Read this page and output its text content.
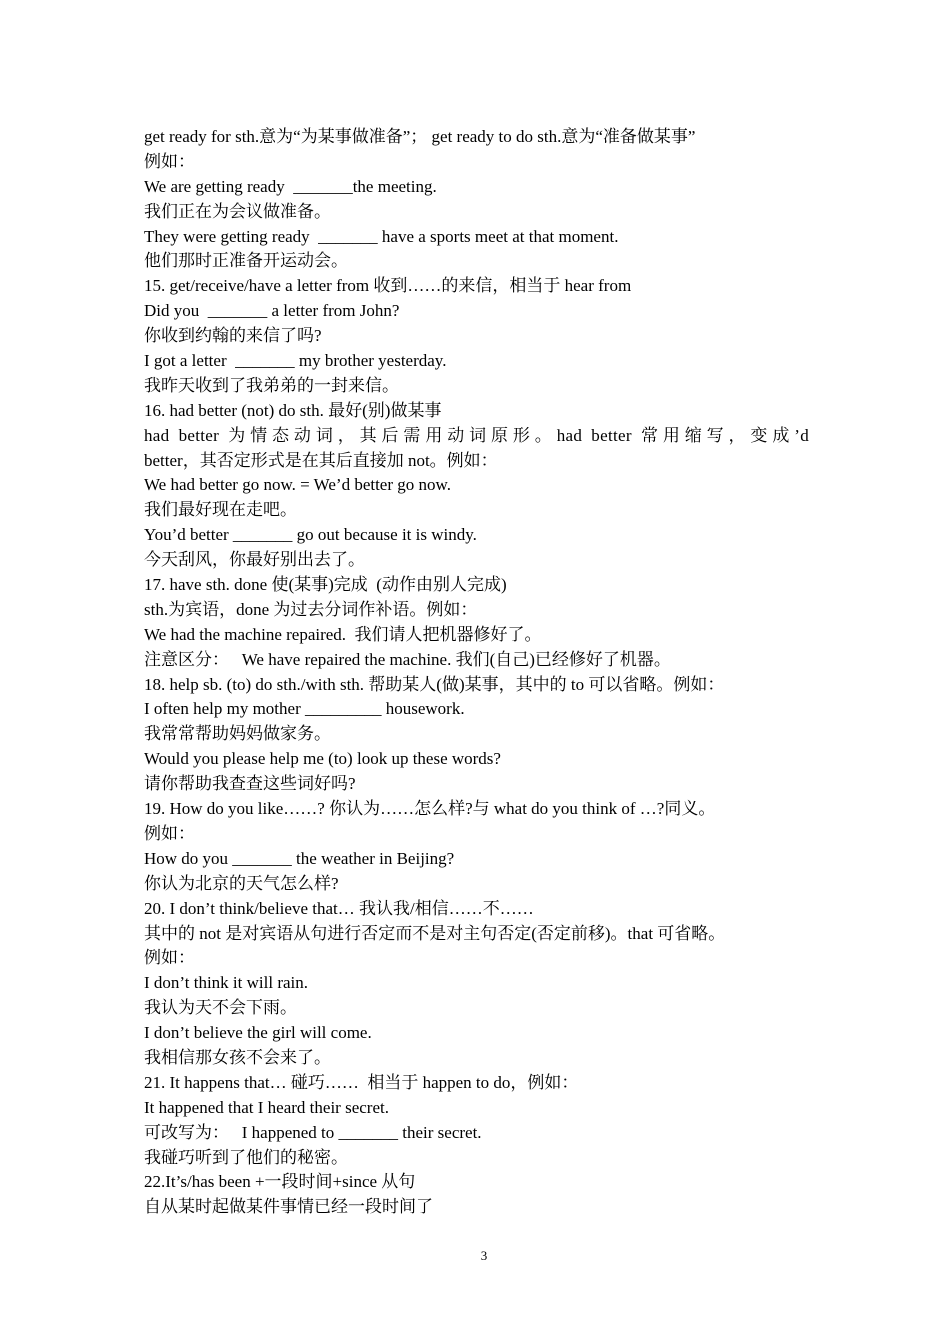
get ready for sth.意为“为某事做准备”； get ready to do sth.意为“准备做某事”
例如：
We are getting ready  _______the meeting.
我们正在为会议做准备。
They were getting ready  _______ have a sports meet at that moment.
他们那时正准备开运动会。
15. get/receive/have a letter from 收到……的来信，相当于 hear from
Did you  _______ a letter from John?
你收到约翰的来信了吗?
I got a letter  _______ my brother yesterday.
我昨天收到了我弟弟的一封来信。
16. had better (not) do sth. 最好(别)做某事
had better 为情态动词，其后需用动词原形。had better 常用缩写，变成’d
better，其否定形式是在其后直接加 not。例如：
We had better go now. = We’d better go now.
我们最好现在走吧。
You’d better _______ go out because it is windy.
今天刮风，你最好别出去了。
17. have sth. done 使(某事)完成  (动作由别人完成)
sth.为宾语，done 为过去分词作补语。例如：
We had the machine repaired.  我们请人把机器修好了。
注意区分：   We have repaired the machine. 我们(自己)已经修好了机器。
18. help sb. (to) do sth./with sth. 帮助某人(做)某事，其中的 to 可以省略。例如：
I often help my mother _________ housework.
我常常帮助妈妈做家务。
Would you please help me (to) look up these words?
请你帮助我查查这些词好吗?
19. How do you like……? 你认为……怎么样?与 what do you think of …?同义。
例如：
How do you _______ the weather in Beijing?
你认为北京的天气怎么样?
20. I don’t think/believe that… 我认我/相信……不……
其中的 not 是对宾语从句进行否定而不是对主句否定(否定前移)。that 可省略。
例如：
I don’t think it will rain.
我认为天不会下雨。
I don’t believe the girl will come.
我相信那女孩不会来了。
21. It happens that… 碰巧……  相当于 happen to do，例如：
It happened that I heard their secret.
可改写为：   I happened to _______ their secret.
我碰巧听到了他们的秘密。
22.It’s/has been +一段时间+since 从句
自从某时起做某件事情已经一段时间了
3
